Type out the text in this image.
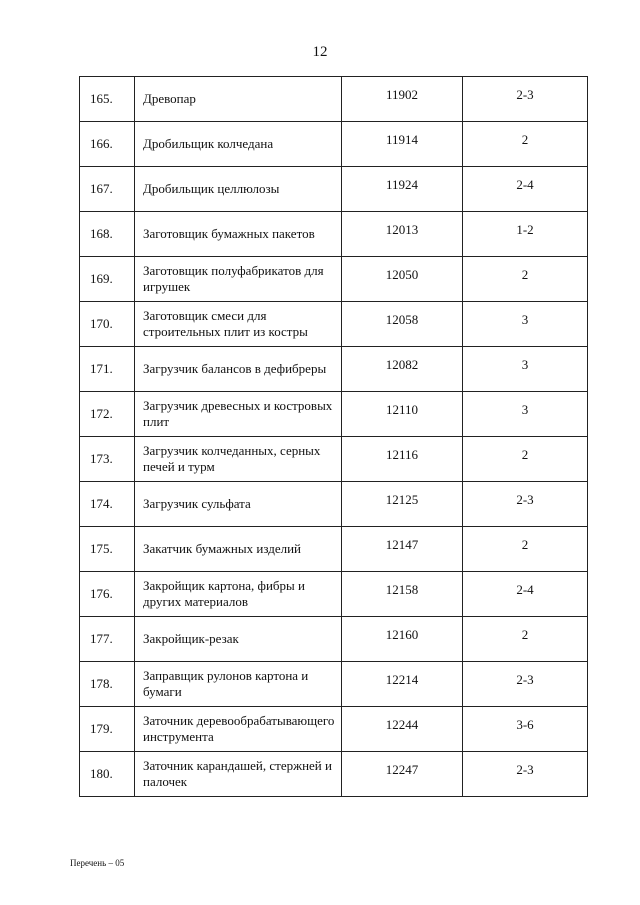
12
165.	Древопар	11902	2-3
166.	Дробильщик колчедана	11914	2
167.	Дробильщик целлюлозы	11924	2-4
168.	Заготовщик бумажных пакетов	12013	1-2
169.	Заготовщик полуфабрикатов для игрушек	12050	2
170.	Заготовщик смеси для строительных плит из костры	12058	3
171.	Загрузчик балансов в дефибреры	12082	3
172.	Загрузчик древесных и костровых плит	12110	3
173.	Загрузчик колчеданных, серных печей и турм	12116	2
174.	Загрузчик сульфата	12125	2-3
175.	Закатчик бумажных изделий	12147	2
176.	Закройщик картона, фибры и других материалов	12158	2-4
177.	Закройщик-резак	12160	2
178.	Заправщик рулонов картона и бумаги	12214	2-3
179.	Заточник деревообрабатывающего инструмента	12244	3-6
180.	Заточник карандашей, стержней и палочек	12247	2-3
Перечень – 05
